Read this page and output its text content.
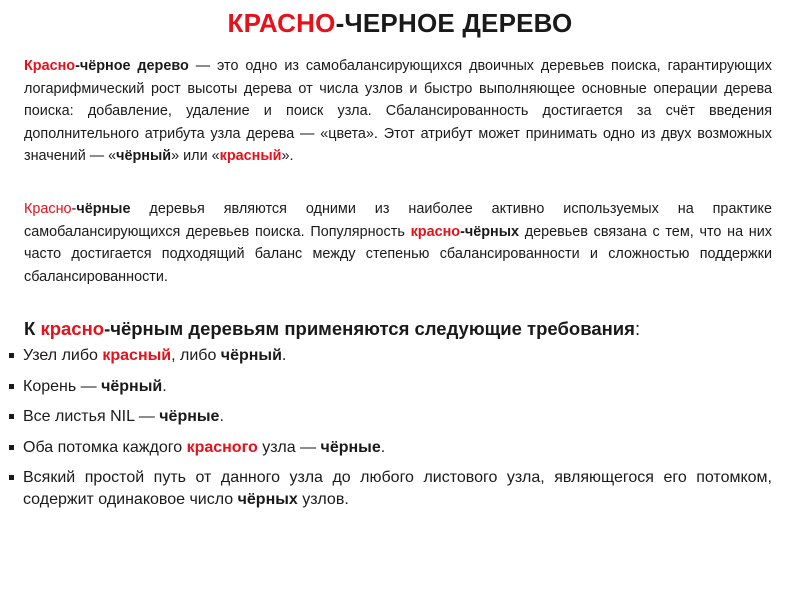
КРАСНО-ЧЕРНОЕ ДЕРЕВО

Красно-чёрное дерево — это одно из самобалансирующихся двоичных деревьев поиска, гарантирующих логарифмический рост высоты дерева от числа узлов и быстро выполняющее основные операции дерева поиска: добавление, удаление и поиск узла. Сбалансированность достигается за счёт введения дополнительного атрибута узла дерева — «цвета». Этот атрибут может принимать одно из двух возможных значений — «чёрный» или «красный».

Красно-чёрные деревья являются одними из наиболее активно используемых на практике самобалансирующихся деревьев поиска. Популярность красно-чёрных деревьев связана с тем, что на них часто достигается подходящий баланс между степенью сбалансированности и сложностью поддержки сбалансированности.

К красно-чёрным деревьям применяются следующие требования:

Узел либо красный, либо чёрный.
Корень — чёрный.
Все листья NIL — чёрные.
Оба потомка каждого красного узла — чёрные.
Всякий простой путь от данного узла до любого листового узла, являющегося его потомком, содержит одинаковое число чёрных узлов.
